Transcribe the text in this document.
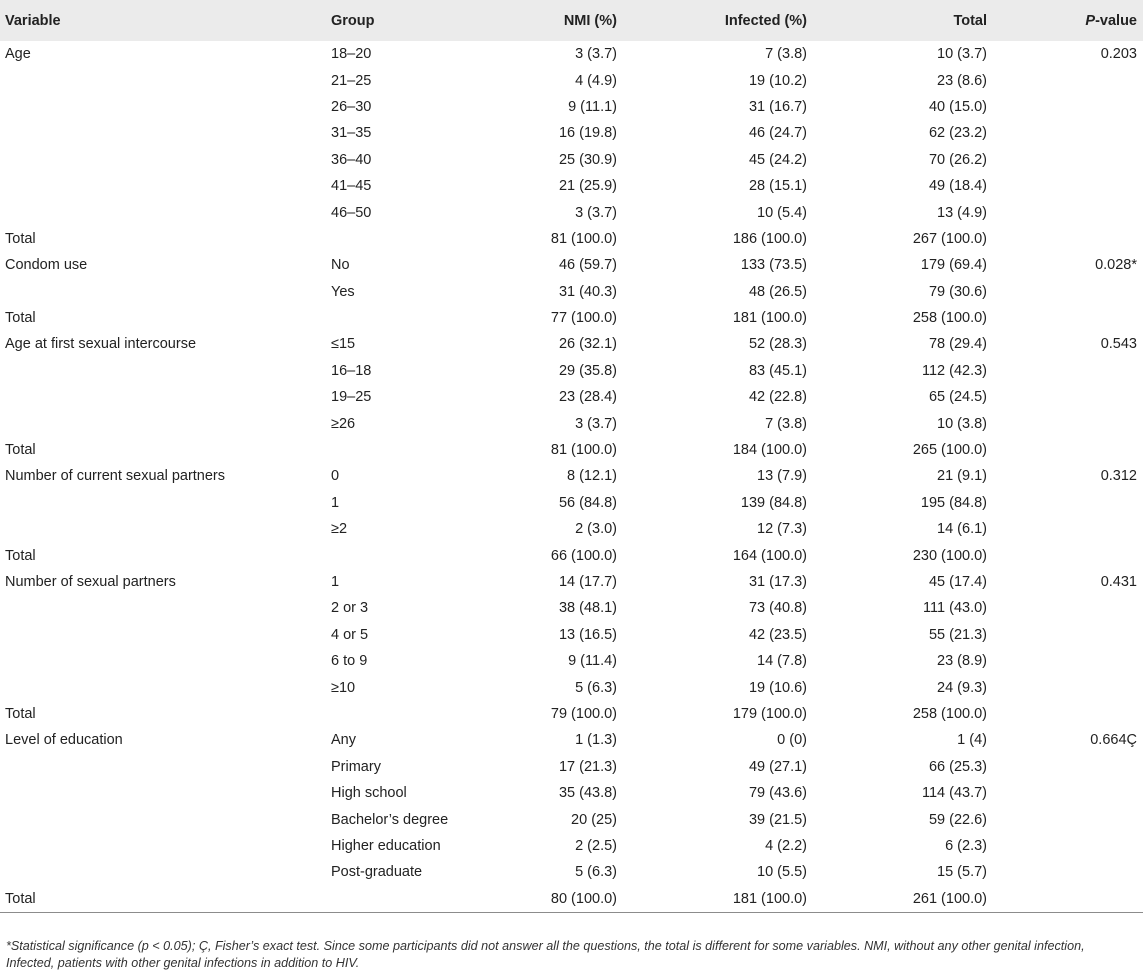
Variable	Group	NMI (%)	Infected (%)	Total	P-value
Age	18–20	3 (3.7)	7 (3.8)	10 (3.7)	0.203
	21–25	4 (4.9)	19 (10.2)	23 (8.6)	
	26–30	9 (11.1)	31 (16.7)	40 (15.0)	
	31–35	16 (19.8)	46 (24.7)	62 (23.2)	
	36–40	25 (30.9)	45 (24.2)	70 (26.2)	
	41–45	21 (25.9)	28 (15.1)	49 (18.4)	
	46–50	3 (3.7)	10 (5.4)	13 (4.9)	
Total		81 (100.0)	186 (100.0)	267 (100.0)	
Condom use	No	46 (59.7)	133 (73.5)	179 (69.4)	0.028*
	Yes	31 (40.3)	48 (26.5)	79 (30.6)	
Total		77 (100.0)	181 (100.0)	258 (100.0)	
Age at first sexual intercourse	≤15	26 (32.1)	52 (28.3)	78 (29.4)	0.543
	16–18	29 (35.8)	83 (45.1)	112 (42.3)	
	19–25	23 (28.4)	42 (22.8)	65 (24.5)	
	≥26	3 (3.7)	7 (3.8)	10 (3.8)	
Total		81 (100.0)	184 (100.0)	265 (100.0)	
Number of current sexual partners	0	8 (12.1)	13 (7.9)	21 (9.1)	0.312
	1	56 (84.8)	139 (84.8)	195 (84.8)	
	≥2	2 (3.0)	12 (7.3)	14 (6.1)	
Total		66 (100.0)	164 (100.0)	230 (100.0)	
Number of sexual partners	1	14 (17.7)	31 (17.3)	45 (17.4)	0.431
	2 or 3	38 (48.1)	73 (40.8)	111 (43.0)	
	4 or 5	13 (16.5)	42 (23.5)	55 (21.3)	
	6 to 9	9 (11.4)	14 (7.8)	23 (8.9)	
	≥10	5 (6.3)	19 (10.6)	24 (9.3)	
Total		79 (100.0)	179 (100.0)	258 (100.0)	
Level of education	Any	1 (1.3)	0 (0)	1 (4)	0.664Ç
	Primary	17 (21.3)	49 (27.1)	66 (25.3)	
	High school	35 (43.8)	79 (43.6)	114 (43.7)	
	Bachelor’s degree	20 (25)	39 (21.5)	59 (22.6)	
	Higher education	2 (2.5)	4 (2.2)	6 (2.3)	
	Post-graduate	5 (6.3)	10 (5.5)	15 (5.7)	
Total		80 (100.0)	181 (100.0)	261 (100.0)	
*Statistical significance (p < 0.05); Ç, Fisher’s exact test. Since some participants did not answer all the questions, the total is different for some variables. NMI, without any other genital infection, Infected, patients with other genital infections in addition to HIV.
